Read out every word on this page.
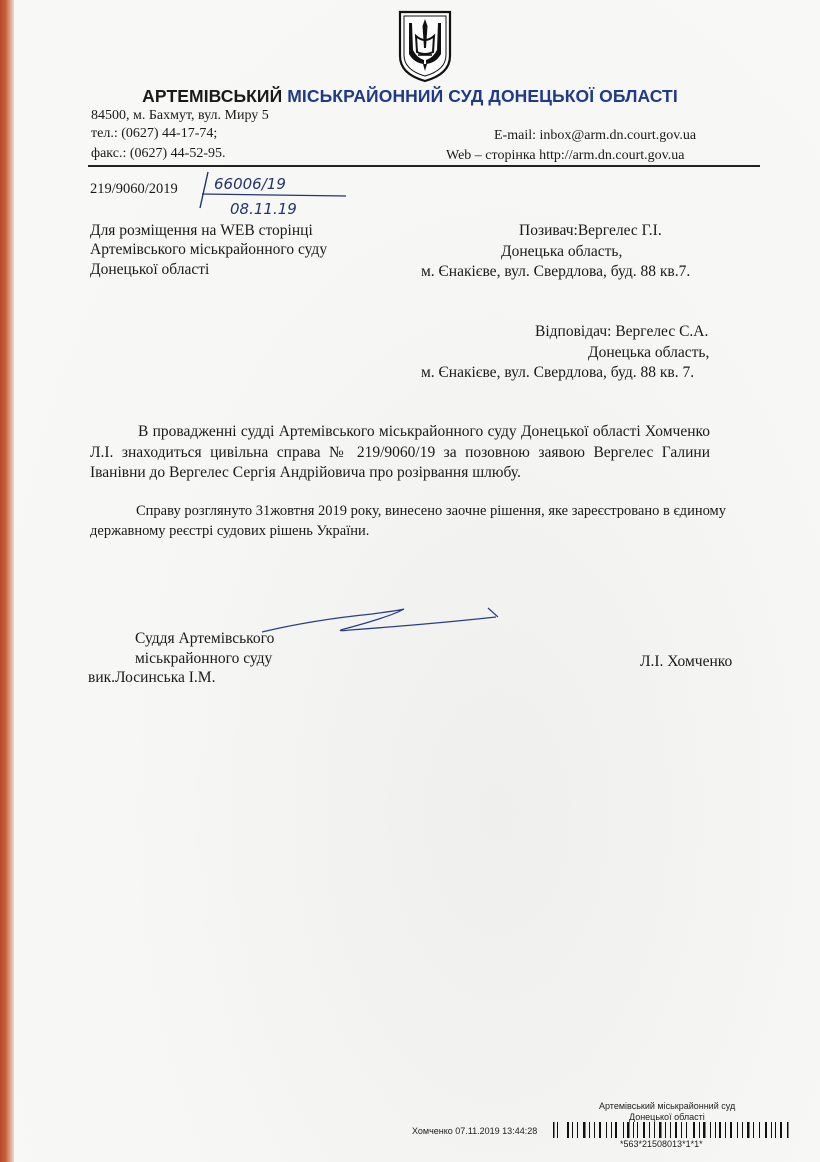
АРТЕМІВСЬКИЙ МІСЬКРАЙОННИЙ СУД ДОНЕЦЬКОЇ ОБЛАСТІ
84500, м. Бахмут, вул. Миру 5
тел.: (0627) 44-17-74;
факс.: (0627) 44-52-95.
E-mail: inbox@arm.dn.court.gov.ua
Web – сторінка http://arm.dn.court.gov.ua
219/9060/2019 66006/19
08.11.19
Для розміщення на WEB сторінці
Артемівського міськрайонного суду
Донецької області
Позивач:Вергелес Г.І.
Донецька область,
м. Єнакієве, вул. Свердлова, буд. 88 кв.7.
Відповідач: Вергелес С.А.
Донецька область,
м. Єнакієве, вул. Свердлова, буд. 88 кв. 7.
В провадженні судді Артемівського міськрайонного суду Донецької області Хомченко Л.І. знаходиться цивільна справа № 219/9060/19 за позовною заявою Вергелес Галини Іванівни до Вергелес Сергія Андрійовича про розірвання шлюбу.
Справу розглянуто 31жовтня 2019 року, винесено заочне рішення, яке зареєстровано в єдиному державному реєстрі судових рішень України.
Суддя Артемівського
міськрайонного суду
вик.Лосинська І.М.
Л.І. Хомченко
Артемівський міськрайонний суд
Донецької області
Хомченко 07.11.2019 13:44:28
*563*21508013*1*1*
